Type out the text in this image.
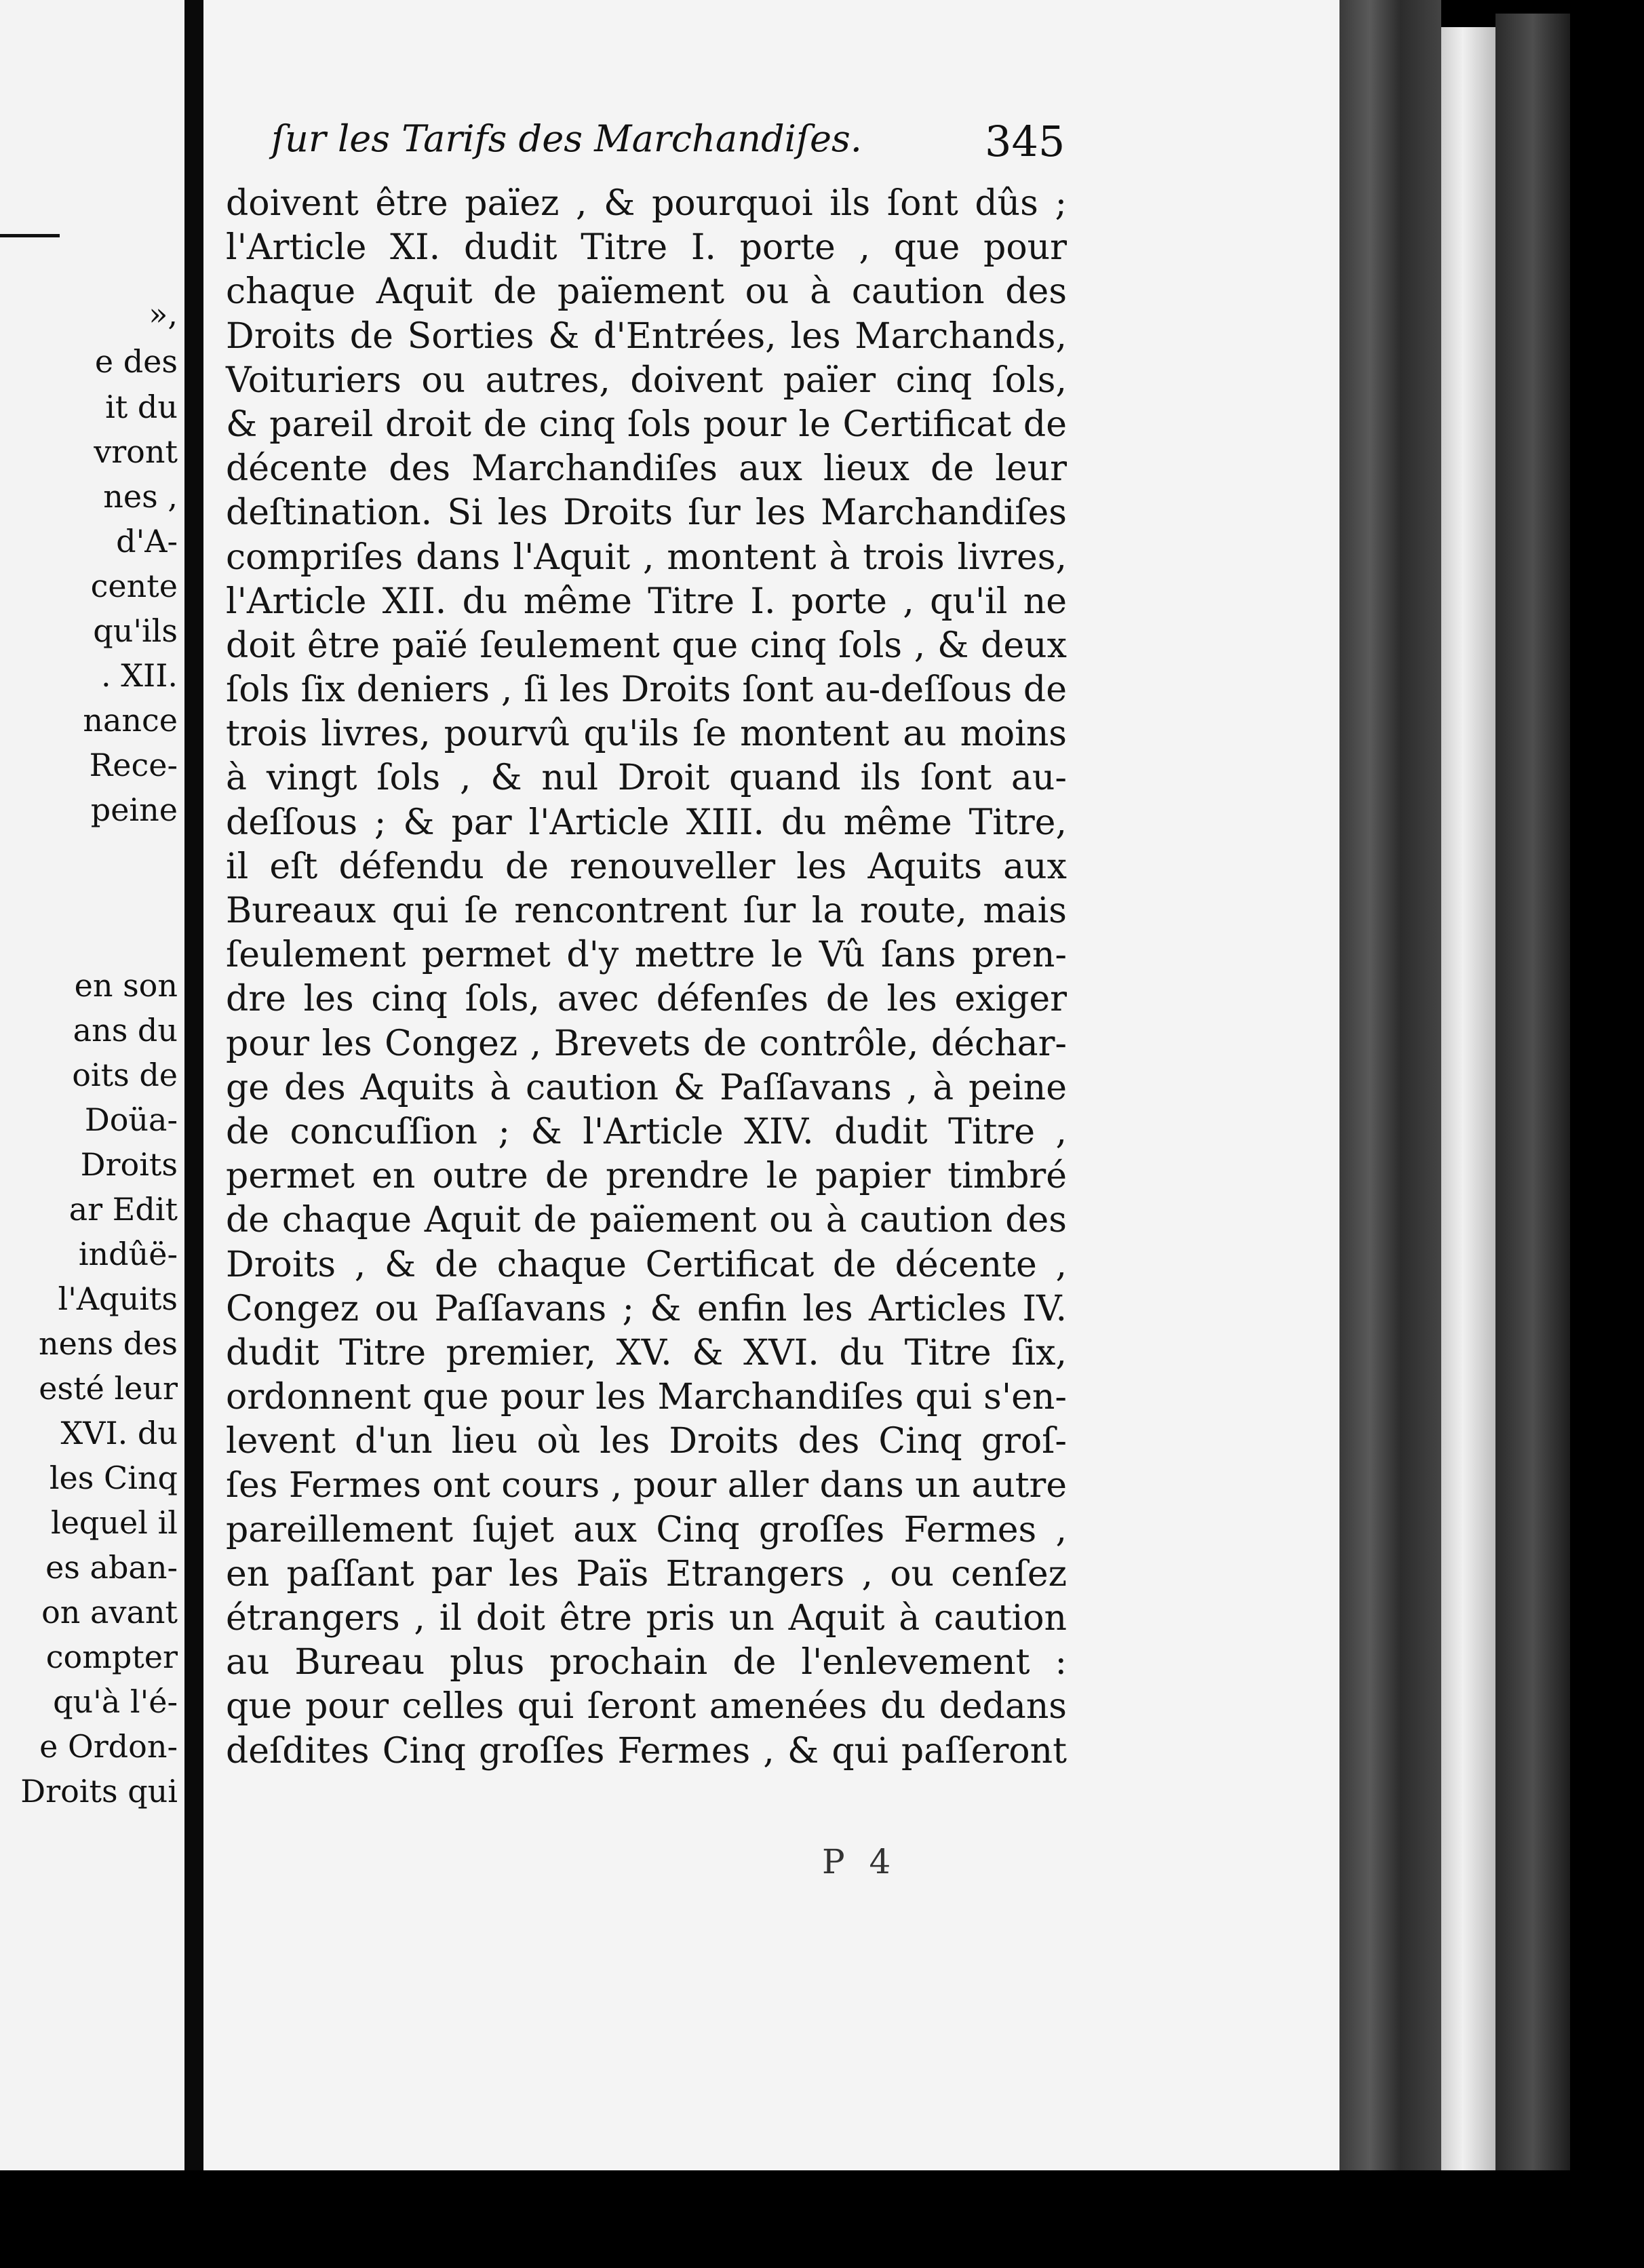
»,
e des
it du
vront
nes ,
d'A-
cente
qu'ils
. XII.
nance
Rece-
peine
en son
ans du
oits de
Doüa-
Droits
ar Edit
indûë-
l'Aquits
nens des
esté leur
XVI. du
les Cinq
lequel il
es aban-
on avant
compter
qu'à l'é-
e Ordon-
Droits qui
ſur les Tarifs des Marchandiſes.	345
doivent être païez , & pourquoi ils ſont dûs ;
l'Article XI. dudit Titre I. porte , que pour
chaque Aquit de païement ou à caution des
Droits de Sorties & d'Entrées, les Marchands,
Voituriers ou autres, doivent païer cinq ſols,
& pareil droit de cinq ſols pour le Certificat de
décente des Marchandiſes aux lieux de leur
deſtination. Si les Droits ſur les Marchandiſes
compriſes dans l'Aquit , montent à trois livres,
l'Article XII. du même Titre I. porte , qu'il ne
doit être païé ſeulement que cinq ſols , & deux
ſols ſix deniers , ſi les Droits ſont au-deſſous de
trois livres, pourvû qu'ils ſe montent au moins
à vingt ſols , & nul Droit quand ils ſont au-
deſſous ; & par l'Article XIII. du même Titre,
il eſt défendu de renouveller les Aquits aux
Bureaux qui ſe rencontrent ſur la route, mais
ſeulement permet d'y mettre le Vû ſans pren-
dre les cinq ſols, avec défenſes de les exiger
pour les Congez , Brevets de contrôle, déchar-
ge des Aquits à caution & Paſſavans , à peine
de concuſſion ; & l'Article XIV. dudit Titre ,
permet en outre de prendre le papier timbré
de chaque Aquit de païement ou à caution des
Droits , & de chaque Certificat de décente ,
Congez ou Paſſavans ; & enfin les Articles IV.
dudit Titre premier, XV. & XVI. du Titre ſix,
ordonnent que pour les Marchandiſes qui s'en-
levent d'un lieu où les Droits des Cinq groſ-
ſes Fermes ont cours , pour aller dans un autre
pareillement ſujet aux Cinq groſſes Fermes ,
en paſſant par les Païs Etrangers , ou cenſez
étrangers , il doit être pris un Aquit à caution
au Bureau plus prochain de l'enlevement :
que pour celles qui ſeront amenées du dedans
deſdites Cinq groſſes Fermes , & qui paſſeront
P 4
